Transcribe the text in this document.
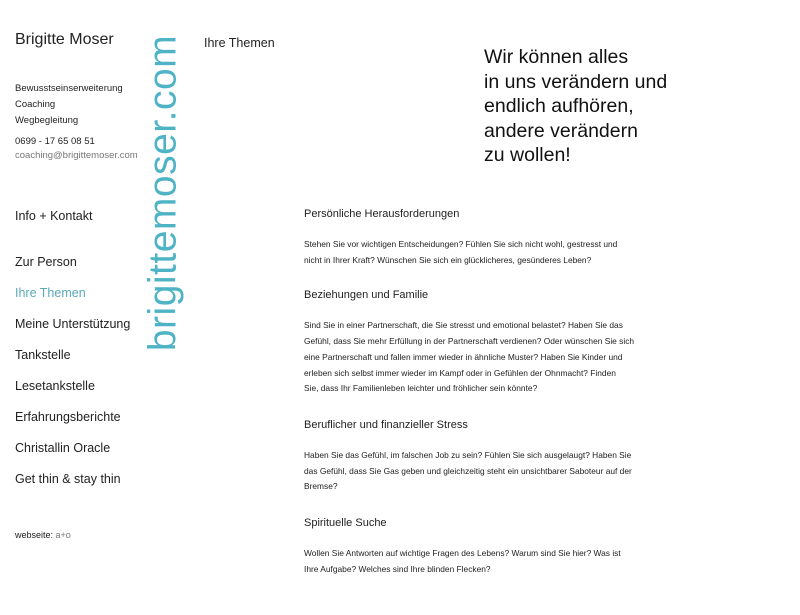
Brigitte Moser
Bewusstseinserweiterung
Coaching
Wegbegleitung
0699 - 17 65 08 51
coaching@brigittemoser.com
Info + Kontakt
Zur Person
Ihre Themen
Meine Unterstützung
Tankstelle
Lesetankstelle
Erfahrungsberichte
Christallin Oracle
Get thin & stay thin
webseite: a+o
brigittemoser.com Ihre Themen
Wir können alles
in uns verändern und
endlich aufhören,
andere verändern
zu wollen!
Persönliche Herausforderungen

Stehen Sie vor wichtigen Entscheidungen? Fühlen Sie sich nicht wohl, gestresst und
nicht in Ihrer Kraft? Wünschen Sie sich ein glücklicheres, gesünderes Leben?

Beziehungen und Familie

Sind Sie in einer Partnerschaft, die Sie stresst und emotional belastet? Haben Sie das
Gefühl, dass Sie mehr Erfüllung in der Partnerschaft verdienen? Oder wünschen Sie sich
eine Partnerschaft und fallen immer wieder in ähnliche Muster? Haben Sie Kinder und
erleben sich selbst immer wieder im Kampf oder in Gefühlen der Ohnmacht? Finden
Sie, dass Ihr Familienleben leichter und fröhlicher sein könnte?

Beruflicher und finanzieller Stress

Haben Sie das Gefühl, im falschen Job zu sein? Fühlen Sie sich ausgelaugt? Haben Sie
das Gefühl, dass Sie Gas geben und gleichzeitig steht ein unsichtbarer Saboteur auf der
Bremse?

Spirituelle Suche

Wollen Sie Antworten auf wichtige Fragen des Lebens? Warum sind Sie hier? Was ist
Ihre Aufgabe? Welches sind Ihre blinden Flecken?
